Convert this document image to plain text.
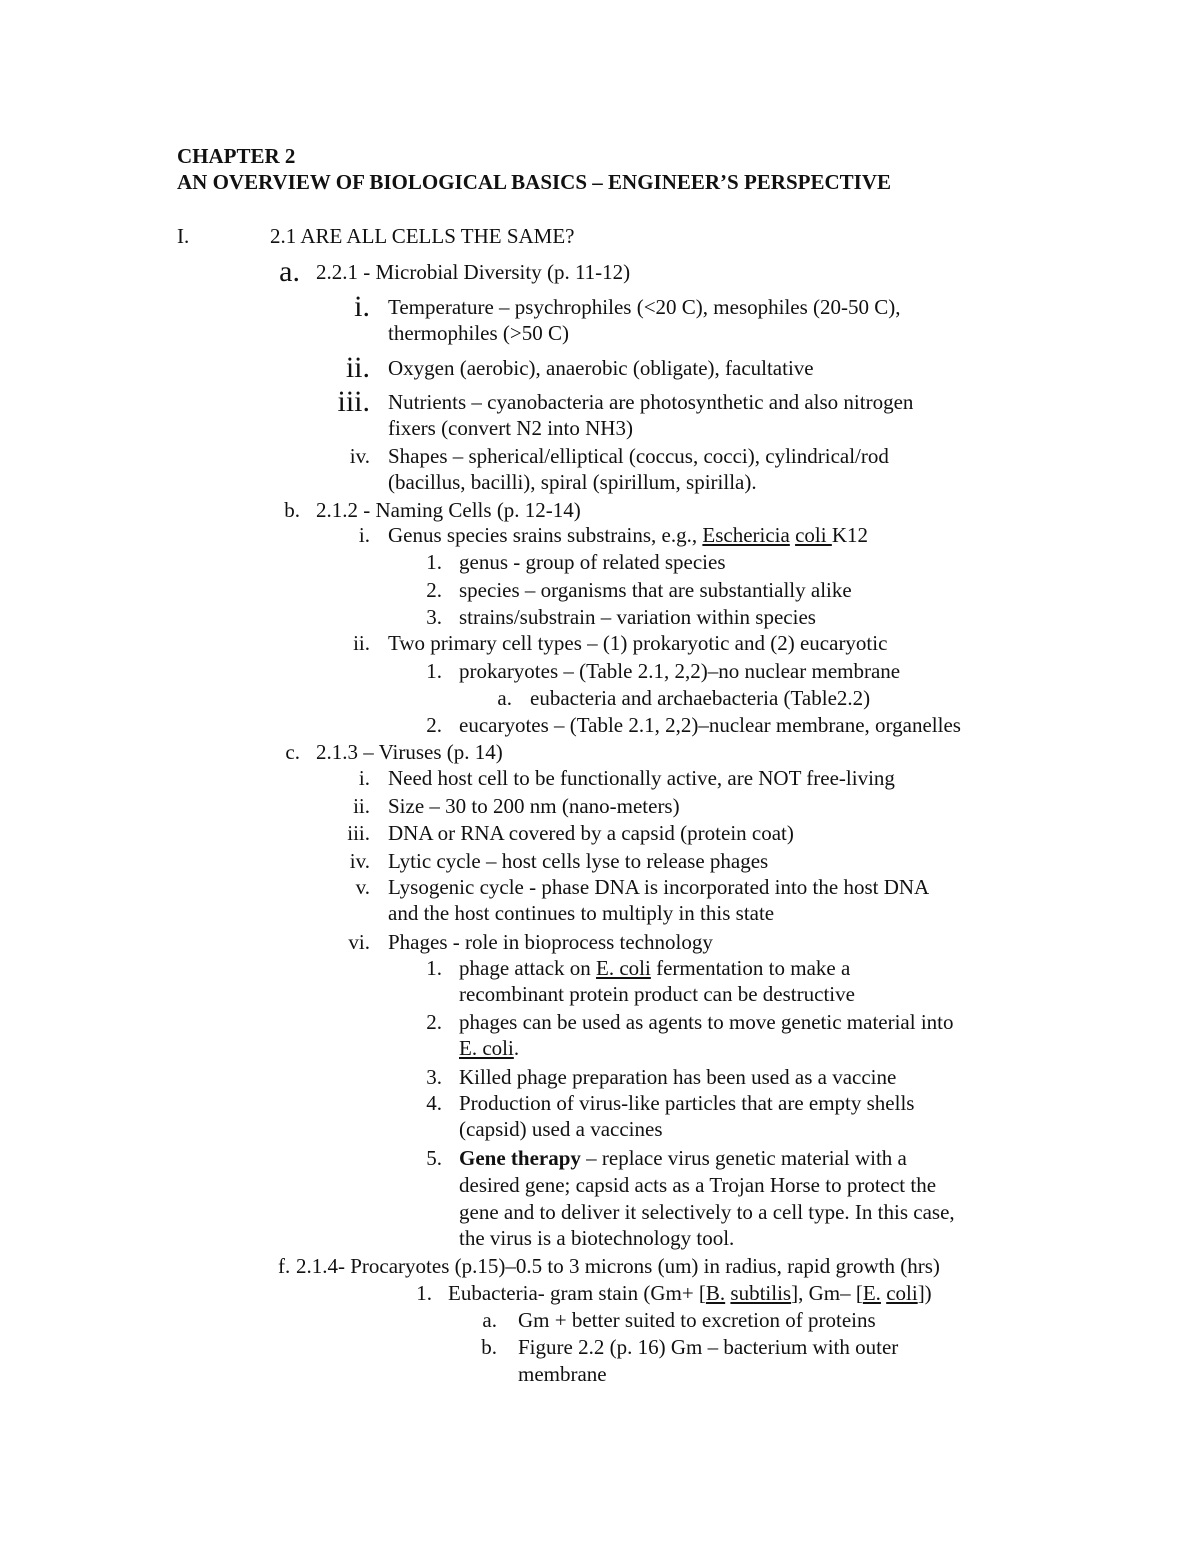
CHAPTER 2
AN OVERVIEW OF BIOLOGICAL BASICS – ENGINEER’S PERSPECTIVE
I.	2.1 ARE ALL CELLS THE SAME?
a. 2.2.1 - Microbial Diversity (p. 11-12)
i. Temperature – psychrophiles (<20 C), mesophiles (20-50 C),
thermophiles (>50 C)
ii. Oxygen (aerobic), anaerobic (obligate), facultative
iii. Nutrients – cyanobacteria are photosynthetic and also nitrogen
fixers (convert N2 into NH3)
iv. Shapes – spherical/elliptical (coccus, cocci), cylindrical/rod
(bacillus, bacilli), spiral (spirillum, spirilla).
b. 2.1.2 - Naming Cells (p. 12-14)
i. Genus species srains substrains, e.g., Eschericia coli K12
1. genus - group of related species
2. species – organisms that are substantially alike
3. strains/substrain – variation within species
ii. Two primary cell types – (1) prokaryotic and (2) eucaryotic
1. prokaryotes – (Table 2.1, 2,2)–no nuclear membrane
a. eubacteria and archaebacteria (Table2.2)
2. eucaryotes – (Table 2.1, 2,2)–nuclear membrane, organelles
c. 2.1.3 – Viruses (p. 14)
i. Need host cell to be functionally active, are NOT free-living
ii. Size – 30 to 200 nm (nano-meters)
iii. DNA or RNA covered by a capsid (protein coat)
iv. Lytic cycle – host cells lyse to release phages
v. Lysogenic cycle - phase DNA is incorporated into the host DNA
and the host continues to multiply in this state
vi. Phages - role in bioprocess technology
1. phage attack on E. coli fermentation to make a
recombinant protein product can be destructive
2. phages can be used as agents to move genetic material into
E. coli.
3. Killed phage preparation has been used as a vaccine
4. Production of virus-like particles that are empty shells
(capsid) used a vaccines
5. Gene therapy – replace virus genetic material with a
desired gene; capsid acts as a Trojan Horse to protect the
gene and to deliver it selectively to a cell type. In this case,
the virus is a biotechnology tool.
f. 2.1.4- Procaryotes (p.15)–0.5 to 3 microns (um) in radius, rapid growth (hrs)
1. Eubacteria- gram stain (Gm+ [B. subtilis], Gm– [E. coli])
a. Gm + better suited to excretion of proteins
b. Figure 2.2 (p. 16) Gm – bacterium with outer
membrane
